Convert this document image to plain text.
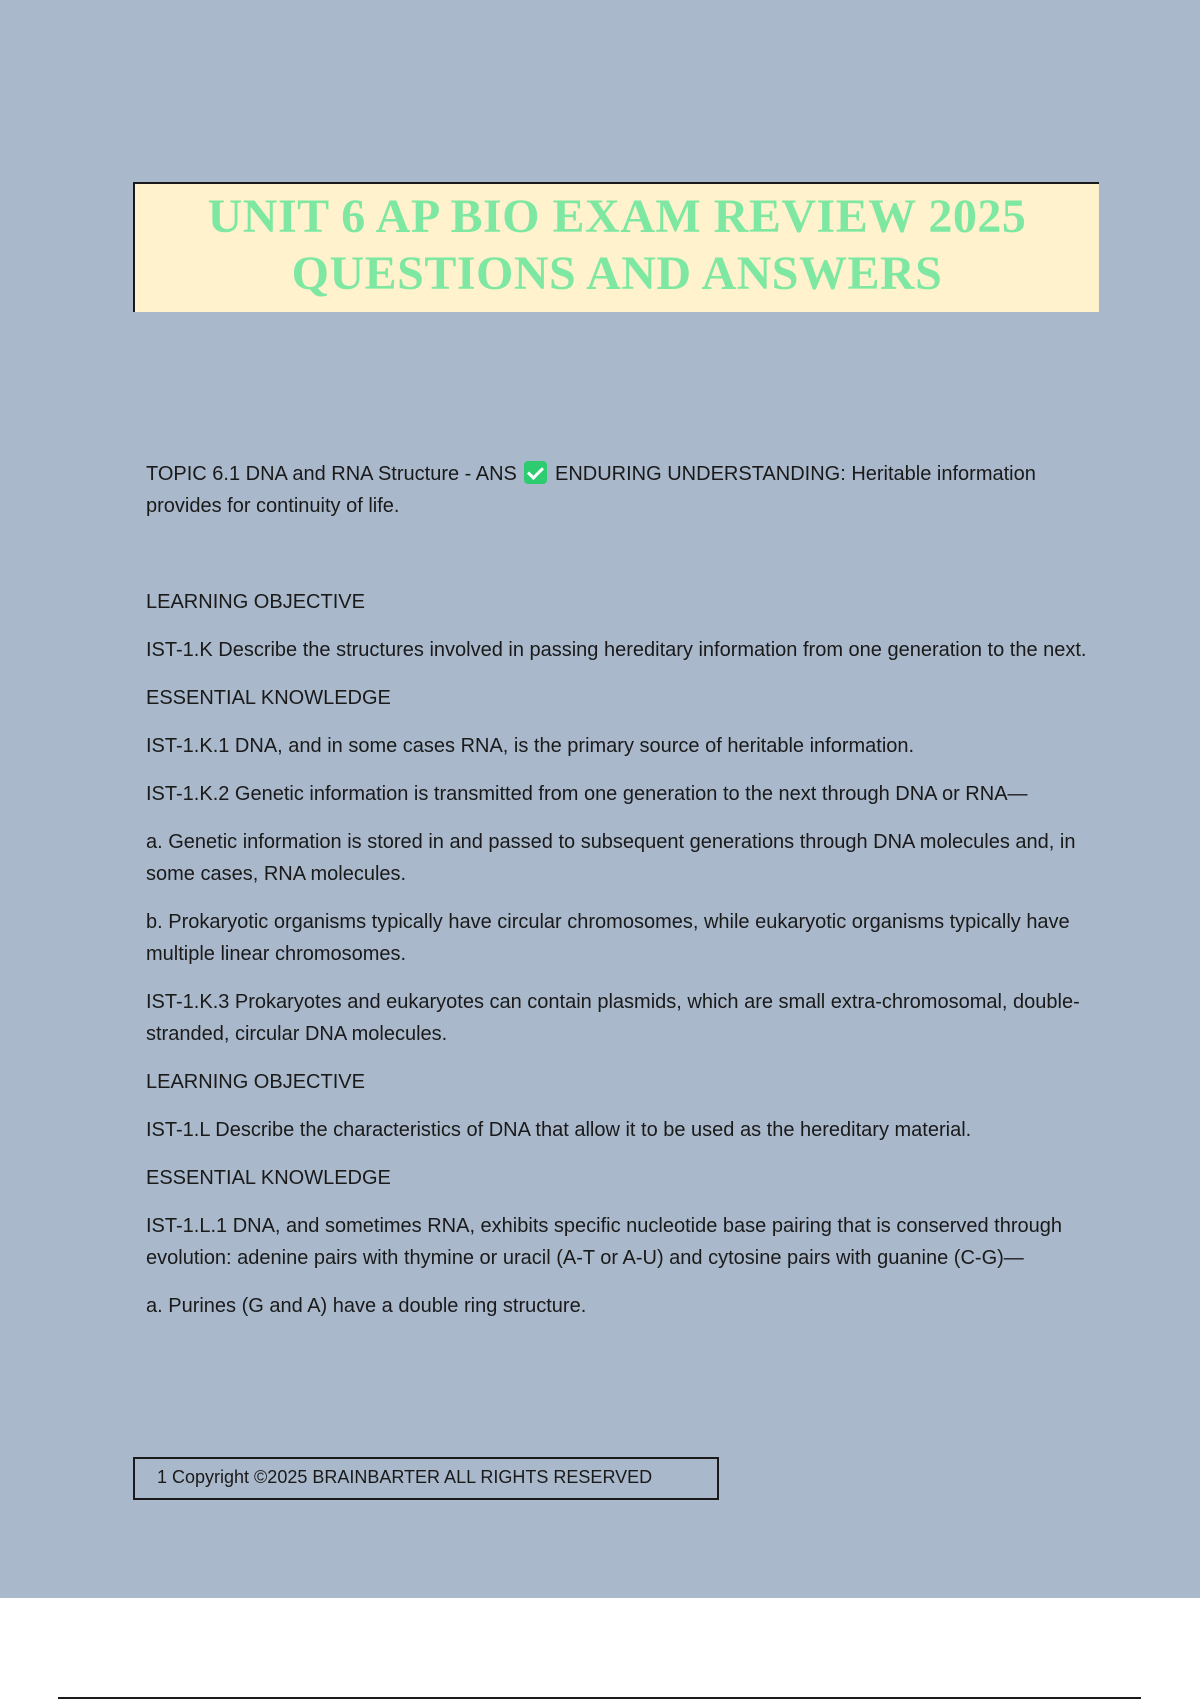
UNIT 6 AP BIO EXAM REVIEW 2025
QUESTIONS AND ANSWERS

TOPIC 6.1 DNA and RNA Structure - ANS  ENDURING UNDERSTANDING: Heritable information provides for continuity of life.

LEARNING OBJECTIVE

IST-1.K Describe the structures involved in passing hereditary information from one generation to the next.

ESSENTIAL KNOWLEDGE

IST-1.K.1 DNA, and in some cases RNA, is the primary source of heritable information.

IST-1.K.2 Genetic information is transmitted from one generation to the next through DNA or RNA—

a. Genetic information is stored in and passed to subsequent generations through DNA molecules and, in some cases, RNA molecules.

b. Prokaryotic organisms typically have circular chromosomes, while eukaryotic organisms typically have multiple linear chromosomes.

IST-1.K.3 Prokaryotes and eukaryotes can contain plasmids, which are small extra-chromosomal, double-stranded, circular DNA molecules.

LEARNING OBJECTIVE

IST-1.L Describe the characteristics of DNA that allow it to be used as the hereditary material.

ESSENTIAL KNOWLEDGE

IST-1.L.1 DNA, and sometimes RNA, exhibits specific nucleotide base pairing that is conserved through evolution: adenine pairs with thymine or uracil (A-T or A-U) and cytosine pairs with guanine (C-G)—

a. Purines (G and A) have a double ring structure.

1 Copyright ©2025 BRAINBARTER ALL RIGHTS RESERVED
